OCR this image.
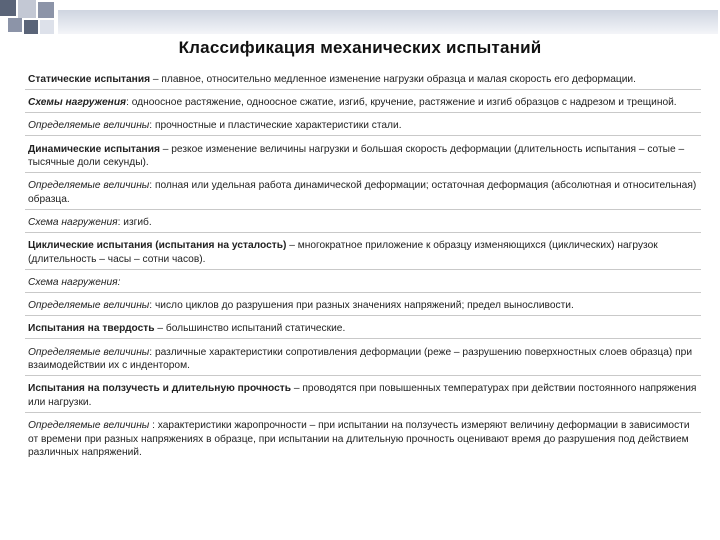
Классификация механических испытаний
Статические испытания – плавное, относительно медленное изменение нагрузки образца и малая скорость его деформации.
Схемы нагружения: одноосное растяжение, одноосное сжатие, изгиб, кручение, растяжение и изгиб образцов с надрезом и трещиной.
Определяемые величины: прочностные и пластические характеристики стали.
Динамические испытания – резкое изменение величины нагрузки и большая скорость деформации (длительность испытания – сотые – тысячные доли секунды).
Определяемые величины: полная или удельная работа динамической деформации; остаточная деформация (абсолютная и относительная) образца.
Схема нагружения: изгиб.
Циклические испытания (испытания на усталость) – многократное приложение к образцу изменяющихся (циклических) нагрузок (длительность – часы – сотни часов).
Схема нагружения:
Определяемые величины: число циклов до разрушения при разных значениях напряжений; предел выносливости.
Испытания на твердость – большинство испытаний статические.
Определяемые величины: различные характеристики сопротивления деформации (реже – разрушению поверхностных слоев образца) при взаимодействии их с индентором.
Испытания на ползучесть и длительную прочность – проводятся при повышенных температурах при действии постоянного напряжения или нагрузки.
Определяемые величины : характеристики жаропрочности – при испытании на ползучесть измеряют величину деформации в зависимости от времени при разных напряжениях в образце, при испытании на длительную прочность оценивают время до разрушения под действием различных напряжений.
